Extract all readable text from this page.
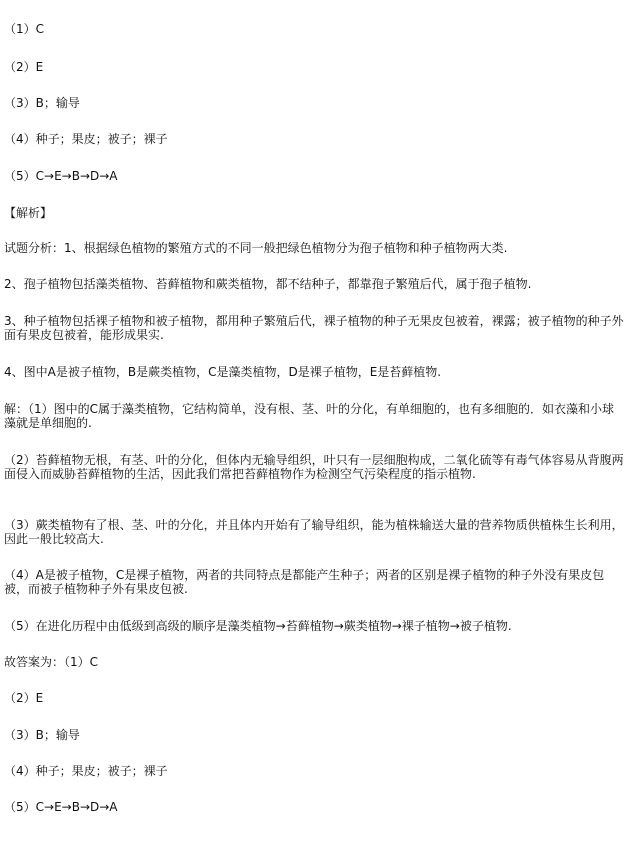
（1）C
（2）E
（3）B；输导
（4）种子；果皮；被子；裸子
（5）C→E→B→D→A
【解析】
试题分析：1、根据绿色植物的繁殖方式的不同一般把绿色植物分为孢子植物和种子植物两大类.
2、孢子植物包括藻类植物、苔藓植物和蕨类植物，都不结种子，都靠孢子繁殖后代，属于孢子植物.
3、种子植物包括裸子植物和被子植物，都用种子繁殖后代，裸子植物的种子无果皮包被着，裸露；被子植物的种子外面有果皮包被着，能形成果实.
4、图中A是被子植物，B是蕨类植物，C是藻类植物，D是裸子植物，E是苔藓植物.
解：（1）图中的C属于藻类植物，它结构简单，没有根、茎、叶的分化，有单细胞的，也有多细胞的．如衣藻和小球藻就是单细胞的.
（2）苔藓植物无根，有茎、叶的分化，但体内无输导组织，叶只有一层细胞构成，二氧化硫等有毒气体容易从背腹两面侵入而威胁苔藓植物的生活，因此我们常把苔藓植物作为检测空气污染程度的指示植物.
（3）蕨类植物有了根、茎、叶的分化，并且体内开始有了输导组织，能为植株输送大量的营养物质供植株生长利用，因此一般比较高大.
（4）A是被子植物，C是裸子植物，两者的共同特点是都能产生种子；两者的区别是裸子植物的种子外没有果皮包被，而被子植物种子外有果皮包被.
（5）在进化历程中由低级到高级的顺序是藻类植物→苔藓植物→蕨类植物→裸子植物→被子植物.
故答案为：（1）C
（2）E
（3）B；输导
（4）种子；果皮；被子；裸子
（5）C→E→B→D→A
